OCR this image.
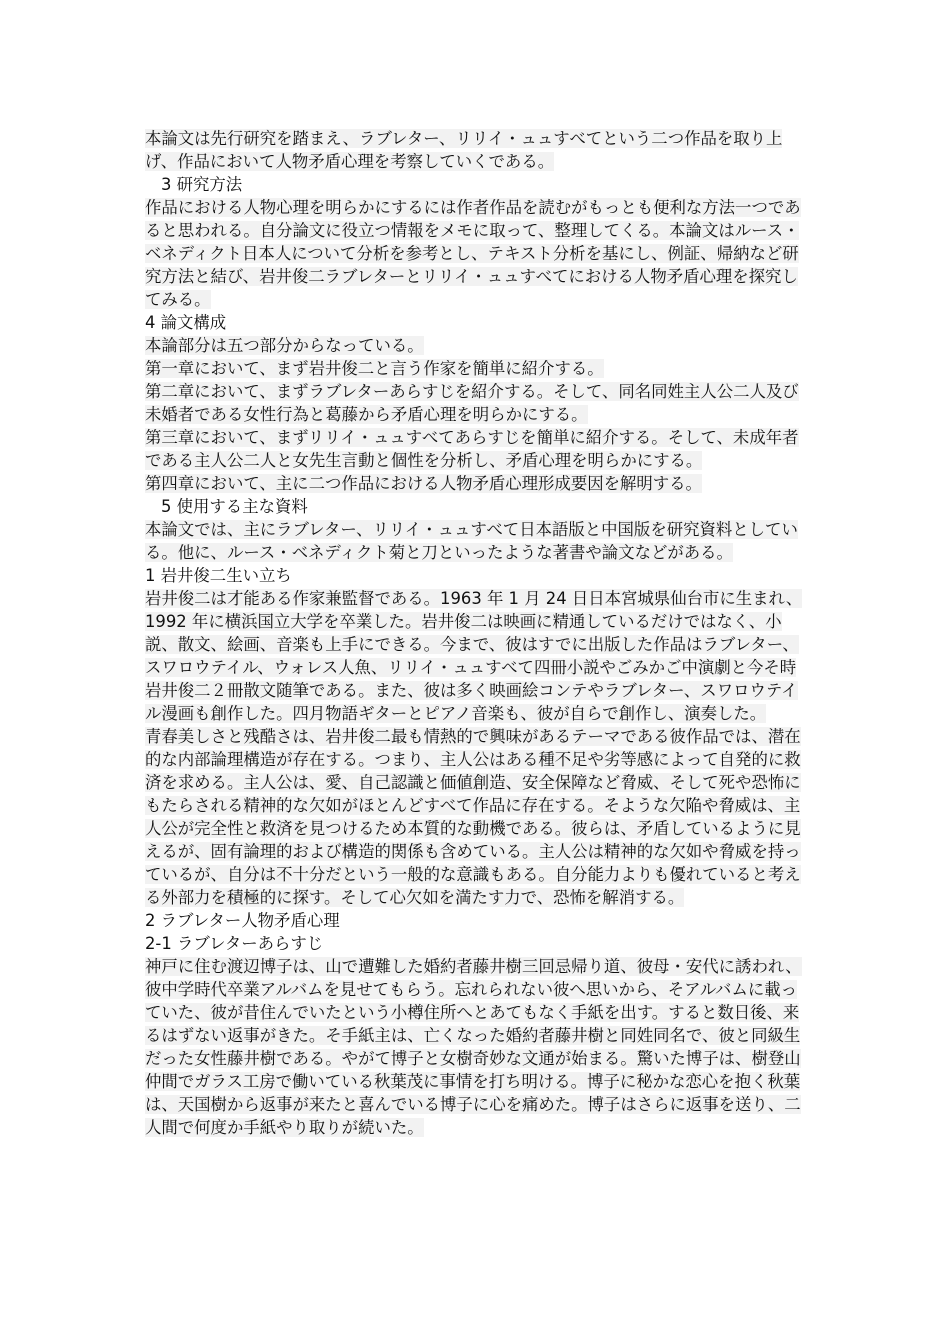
本論文は先行研究を踏まえ、ラブレター、リリイ・ュュすべてという二つ作品を取り上げ、作品において人物矛盾心理を考察していくである。

3 研究方法

作品における人物心理を明らかにするには作者作品を読むがもっとも便利な方法一つであると思われる。自分論文に役立つ情報をメモに取って、整理してくる。本論文はルース・ベネディクト日本人について分析を参考とし、テキスト分析を基にし、例証、帰納など研究方法と結び、岩井俊二ラブレターとリリイ・ュュすべてにおける人物矛盾心理を探究してみる。

4 論文構成

本論部分は五つ部分からなっている。

第一章において、まず岩井俊二と言う作家を簡単に紹介する。

第二章において、まずラブレターあらすじを紹介する。そして、同名同姓主人公二人及び未婚者である女性行為と葛藤から矛盾心理を明らかにする。

第三章において、まずリリイ・ュュすべてあらすじを簡単に紹介する。そして、未成年者である主人公二人と女先生言動と個性を分析し、矛盾心理を明らかにする。

第四章において、主に二つ作品における人物矛盾心理形成要因を解明する。

5 使用する主な資料

本論文では、主にラブレター、リリイ・ュュすべて日本語版と中国版を研究資料としている。他に、ルース・ベネディクト菊と刀といったような著書や論文などがある。

1 岩井俊二生い立ち

岩井俊二は才能ある作家兼監督である。1963 年 1 月 24 日日本宮城県仙台市に生まれ、1992 年に横浜国立大学を卒業した。岩井俊二は映画に精通しているだけではなく、小説、散文、絵画、音楽も上手にできる。今まで、彼はすでに出版した作品はラブレター、スワロウテイル、ウォレス人魚、リリイ・ュュすべて四冊小説やごみかご中演劇と今そ時岩井俊二２冊散文随筆である。また、彼は多く映画絵コンテやラブレター、スワロウテイル漫画も創作した。四月物語ギターとピアノ音楽も、彼が自らで創作し、演奏した。

青春美しさと残酷さは、岩井俊二最も情熱的で興味があるテーマである彼作品では、潜在的な内部論理構造が存在する。つまり、主人公はある種不足や劣等感によって自発的に救済を求める。主人公は、愛、自己認識と価値創造、安全保障など脅威、そして死や恐怖にもたらされる精神的な欠如がほとんどすべて作品に存在する。そような欠陥や脅威は、主人公が完全性と救済を見つけるため本質的な動機である。彼らは、矛盾しているように見えるが、固有論理的および構造的関係も含めている。主人公は精神的な欠如や脅威を持っているが、自分は不十分だという一般的な意識もある。自分能力よりも優れていると考える外部力を積極的に探す。そして心欠如を満たす力で、恐怖を解消する。

2 ラブレター人物矛盾心理

2-1 ラブレターあらすじ

神戸に住む渡辺博子は、山で遭難した婚約者藤井樹三回忌帰り道、彼母・安代に誘われ、彼中学時代卒業アルバムを見せてもらう。忘れられない彼へ思いから、そアルバムに載っていた、彼が昔住んでいたという小樽住所へとあてもなく手紙を出す。すると数日後、来るはずない返事がきた。そ手紙主は、亡くなった婚約者藤井樹と同姓同名で、彼と同級生だった女性藤井樹である。やがて博子と女樹奇妙な文通が始まる。驚いた博子は、樹登山仲間でガラス工房で働いている秋葉茂に事情を打ち明ける。博子に秘かな恋心を抱く秋葉は、天国樹から返事が来たと喜んでいる博子に心を痛めた。博子はさらに返事を送り、二人間で何度か手紙やり取りが続いた。
